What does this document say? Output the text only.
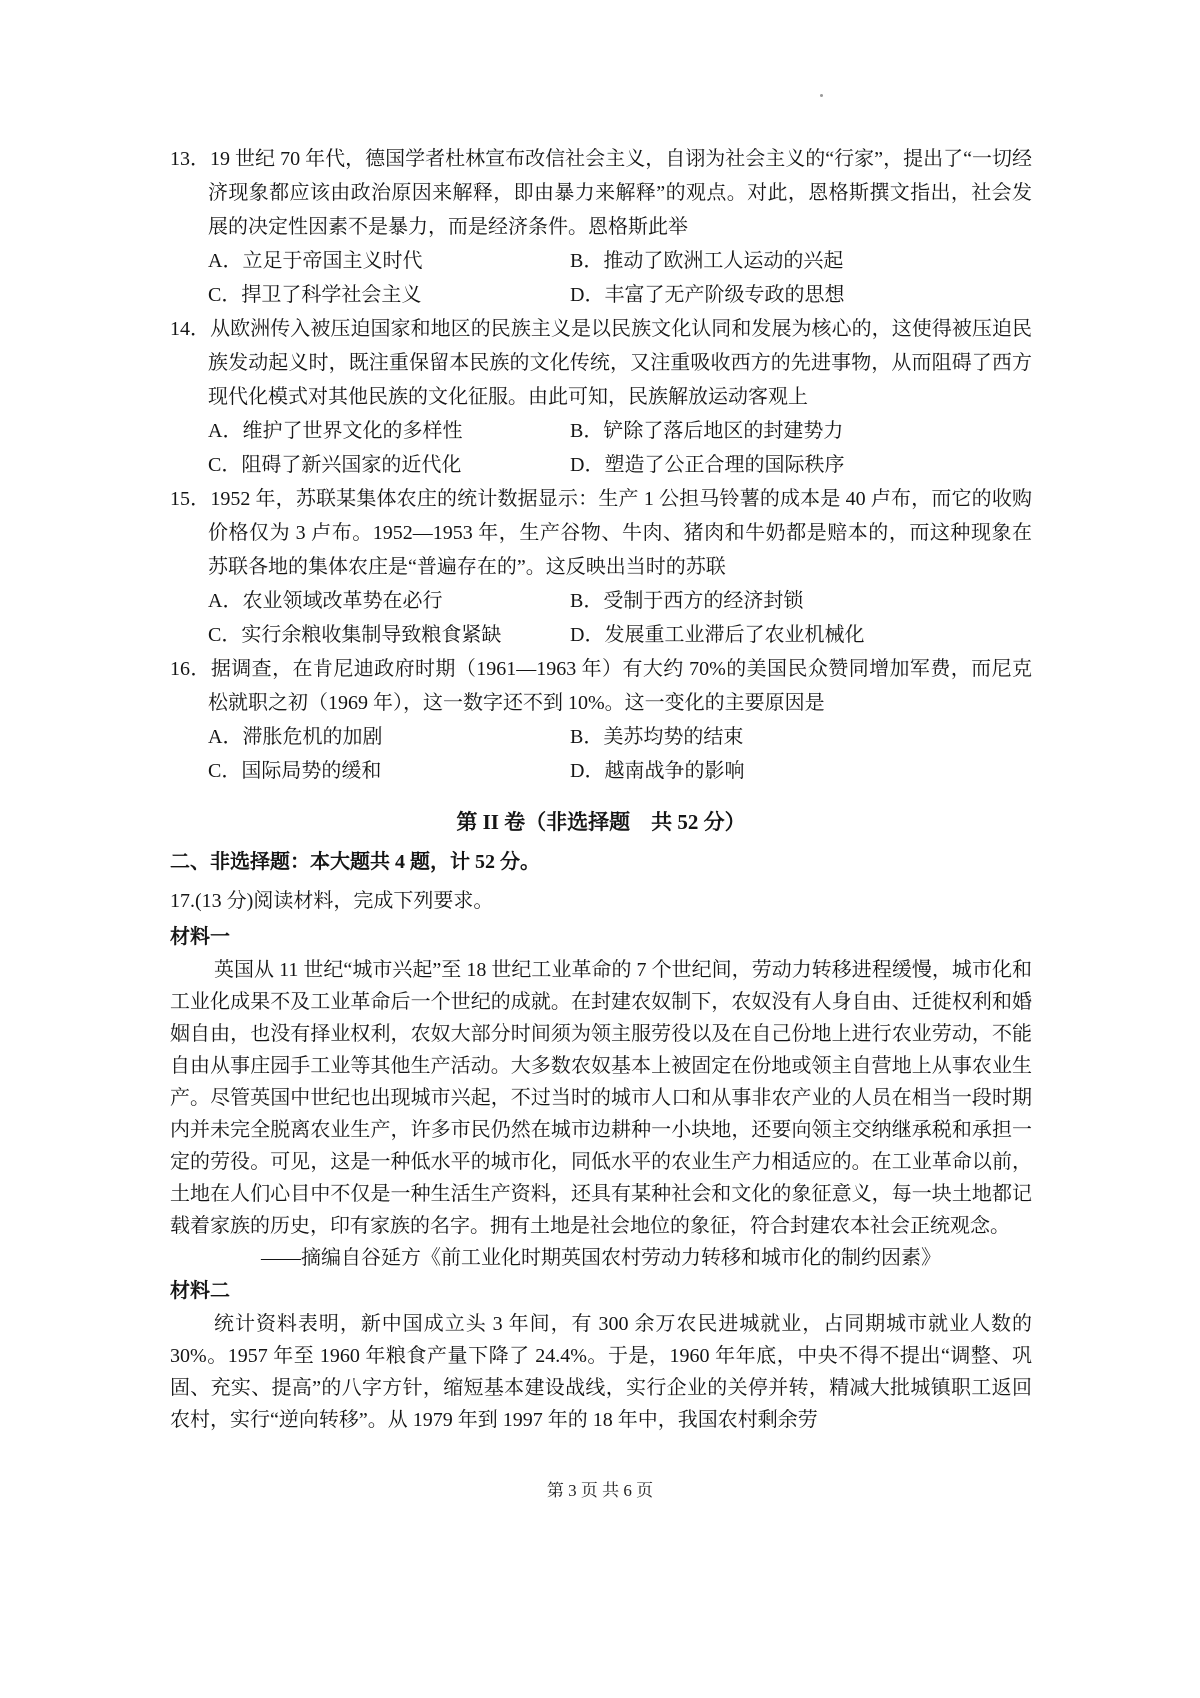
13．19 世纪 70 年代，德国学者杜林宣布改信社会主义，自诩为社会主义的“行家”，提出了“一切经济现象都应该由政治原因来解释，即由暴力来解释”的观点。对此，恩格斯撰文指出，社会发展的决定性因素不是暴力，而是经济条件。恩格斯此举

A．立足于帝国主义时代	B．推动了欧洲工人运动的兴起

C．捍卫了科学社会主义	D．丰富了无产阶级专政的思想

14．从欧洲传入被压迫国家和地区的民族主义是以民族文化认同和发展为核心的，这使得被压迫民族发动起义时，既注重保留本民族的文化传统，又注重吸收西方的先进事物，从而阻碍了西方现代化模式对其他民族的文化征服。由此可知，民族解放运动客观上

A．维护了世界文化的多样性	B．铲除了落后地区的封建势力

C．阻碍了新兴国家的近代化	D．塑造了公正合理的国际秩序

15．1952 年，苏联某集体农庄的统计数据显示：生产 1 公担马铃薯的成本是 40 卢布，而它的收购价格仅为 3 卢布。1952—1953 年，生产谷物、牛肉、猪肉和牛奶都是赔本的，而这种现象在苏联各地的集体农庄是“普遍存在的”。这反映出当时的苏联

A．农业领域改革势在必行	B．受制于西方的经济封锁

C．实行余粮收集制导致粮食紧缺	D．发展重工业滞后了农业机械化

16．据调查，在肯尼迪政府时期（1961—1963 年）有大约 70%的美国民众赞同增加军费，而尼克松就职之初（1969 年），这一数字还不到 10%。这一变化的主要原因是

A．滞胀危机的加剧	B．美苏均势的结束

C．国际局势的缓和	D．越南战争的影响

第 II 卷（非选择题　共 52 分）

二、非选择题：本大题共 4 题，计 52 分。

17.(13 分)阅读材料，完成下列要求。

材料一

英国从 11 世纪“城市兴起”至 18 世纪工业革命的 7 个世纪间，劳动力转移进程缓慢，城市化和工业化成果不及工业革命后一个世纪的成就。在封建农奴制下，农奴没有人身自由、迁徙权利和婚姻自由，也没有择业权利，农奴大部分时间须为领主服劳役以及在自己份地上进行农业劳动，不能自由从事庄园手工业等其他生产活动。大多数农奴基本上被固定在份地或领主自营地上从事农业生产。尽管英国中世纪也出现城市兴起，不过当时的城市人口和从事非农产业的人员在相当一段时期内并未完全脱离农业生产，许多市民仍然在城市边耕种一小块地，还要向领主交纳继承税和承担一定的劳役。可见，这是一种低水平的城市化，同低水平的农业生产力相适应的。在工业革命以前，土地在人们心目中不仅是一种生活生产资料，还具有某种社会和文化的象征意义，每一块土地都记载着家族的历史，印有家族的名字。拥有土地是社会地位的象征，符合封建农本社会正统观念。

——摘编自谷延方《前工业化时期英国农村劳动力转移和城市化的制约因素》

材料二

统计资料表明，新中国成立头 3 年间，有 300 余万农民进城就业，占同期城市就业人数的 30%。1957 年至 1960 年粮食产量下降了 24.4%。于是，1960 年年底，中央不得不提出“调整、巩固、充实、提高”的八字方针，缩短基本建设战线，实行企业的关停并转，精减大批城镇职工返回农村，实行“逆向转移”。从 1979 年到 1997 年的 18 年中，我国农村剩余劳

第 3 页 共 6 页
